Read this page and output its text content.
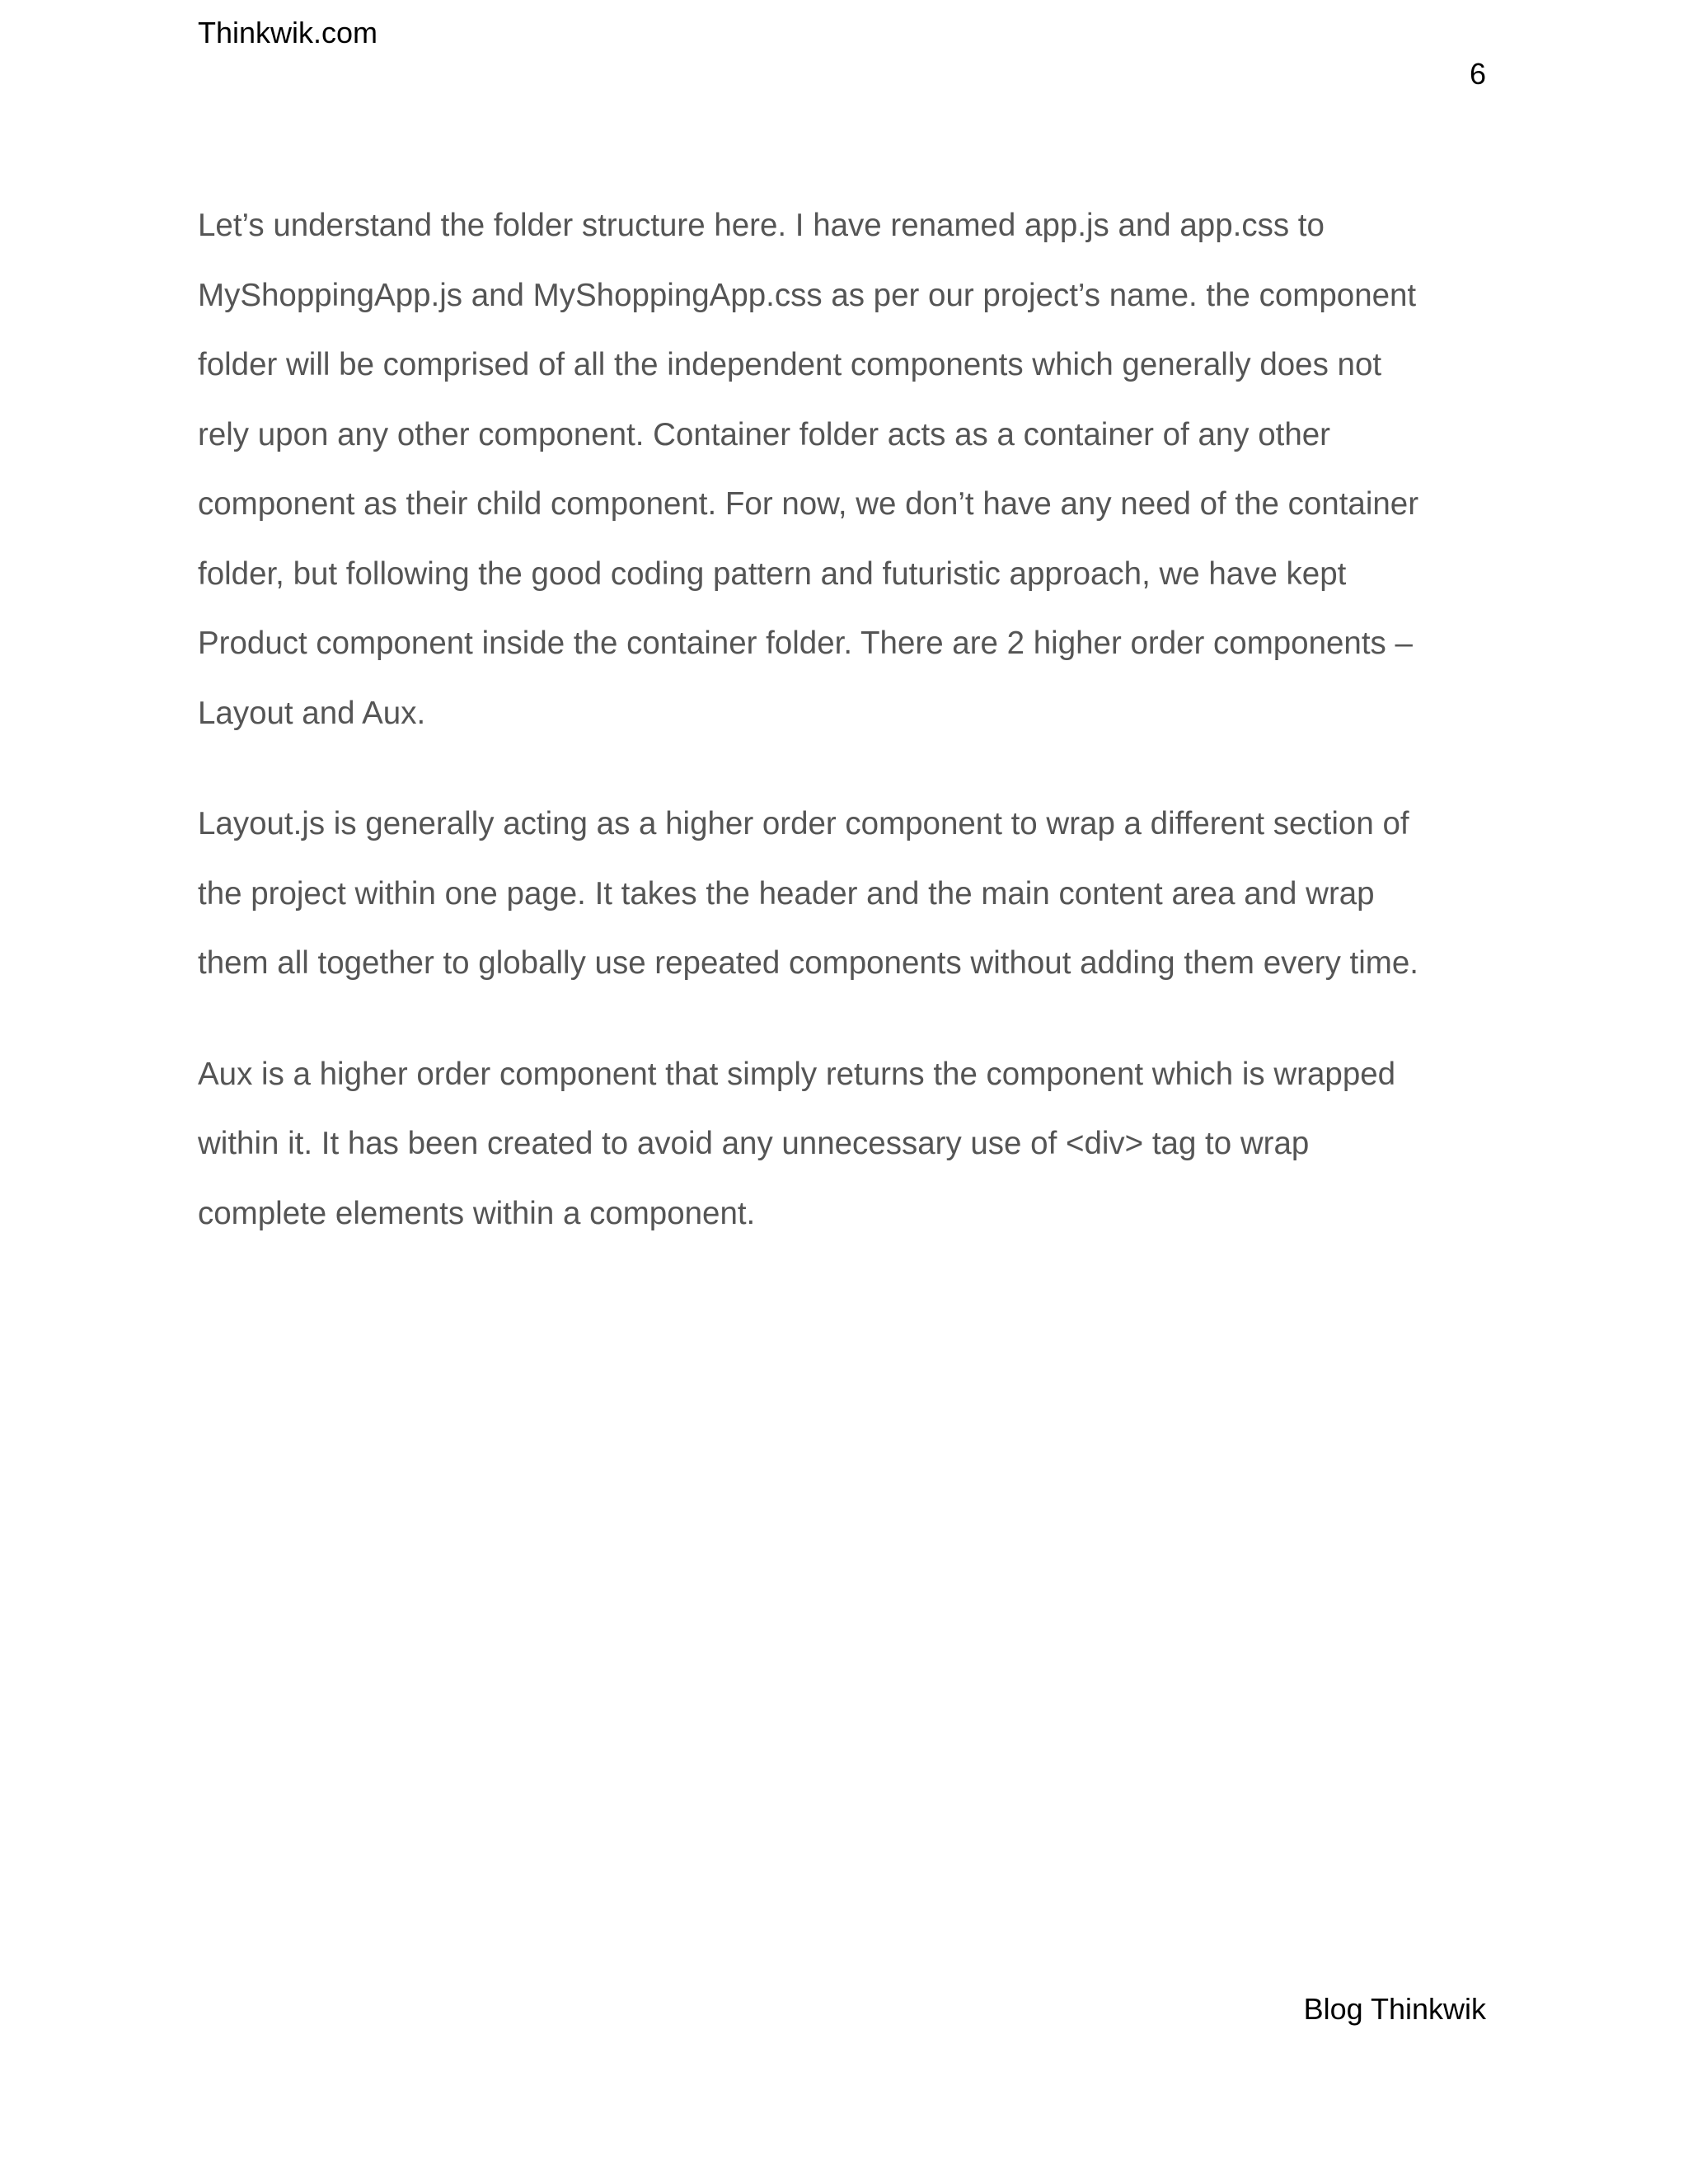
Thinkwik.com
6

Let’s understand the folder structure here. I have renamed app.js and app.css to
MyShoppingApp.js and MyShoppingApp.css as per our project’s name. the component
folder will be comprised of all the independent components which generally does not
rely upon any other component. Container folder acts as a container of any other
component as their child component. For now, we don’t have any need of the container
folder, but following the good coding pattern and futuristic approach, we have kept
Product component inside the container folder. There are 2 higher order components –
Layout and Aux.

Layout.js is generally acting as a higher order component to wrap a different section of
the project within one page. It takes the header and the main content area and wrap
them all together to globally use repeated components without adding them every time.

Aux is a higher order component that simply returns the component which is wrapped
within it. It has been created to avoid any unnecessary use of <div> tag to wrap
complete elements within a component.

Blog Thinkwik
